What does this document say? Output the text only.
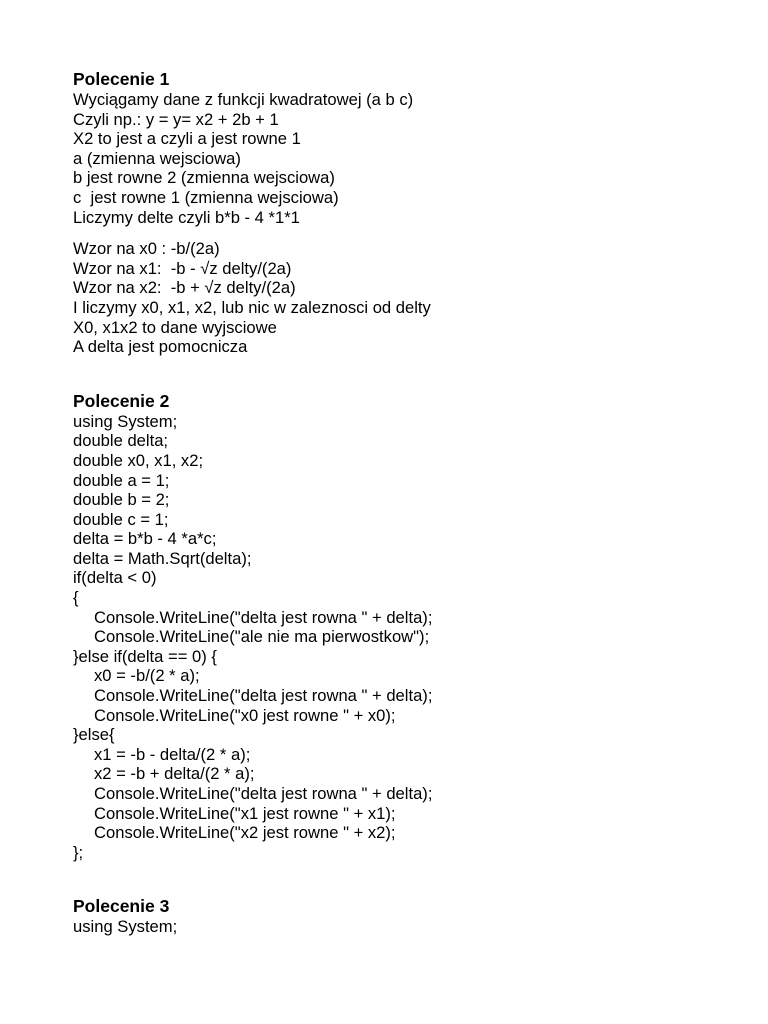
Polecenie 1
Wyciągamy dane z funkcji kwadratowej (a b c)
Czyli np.: y = y= x2 + 2b + 1
X2 to jest a czyli a jest rowne 1
a (zmienna wejsciowa)
b jest rowne 2 (zmienna wejsciowa)
c  jest rowne 1 (zmienna wejsciowa)
Liczymy delte czyli b*b - 4 *1*1
Wzor na x0 : -b/(2a)
Wzor na x1:  -b - √z delty/(2a)
Wzor na x2:  -b + √z delty/(2a)
I liczymy x0, x1, x2, lub nic w zaleznosci od delty
X0, x1x2 to dane wyjsciowe
A delta jest pomocnicza
Polecenie 2
using System;
double delta;
double x0, x1, x2;
double a = 1;
double b = 2;
double c = 1;
delta = b*b - 4 *a*c;
delta = Math.Sqrt(delta);
if(delta < 0)
{
Console.WriteLine("delta jest rowna " + delta);
Console.WriteLine("ale nie ma pierwostkow");
}else if(delta == 0) {
x0 = -b/(2 * a);
Console.WriteLine("delta jest rowna " + delta);
Console.WriteLine("x0 jest rowne " + x0);
}else{
x1 = -b - delta/(2 * a);
x2 = -b + delta/(2 * a);
Console.WriteLine("delta jest rowna " + delta);
Console.WriteLine("x1 jest rowne " + x1);
Console.WriteLine("x2 jest rowne " + x2);
};
Polecenie 3
using System;
